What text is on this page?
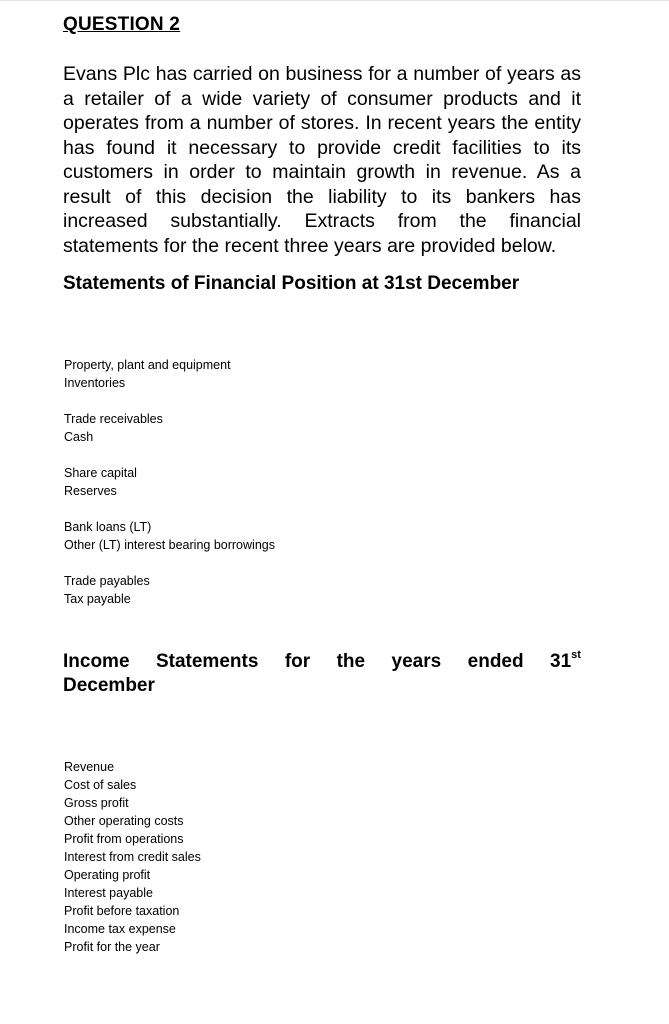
QUESTION 2
Evans Plc has carried on business for a number of years as a retailer of a wide variety of consumer products and it operates from a number of stores. In recent years the entity has found it necessary to provide credit facilities to its customers in order to maintain growth in revenue. As a result of this decision the liability to its bankers has increased substantially. Extracts from the financial statements for the recent three years are provided below.
Statements of Financial Position at 31st December
Property, plant and equipment
Inventories
Trade receivables
Cash
Share capital
Reserves
Bank loans (LT)
Other (LT) interest bearing borrowings
Trade payables
Tax payable
Income Statements for the years ended 31st
December
Revenue
Cost of sales
Gross profit
Other operating costs
Profit from operations
Interest from credit sales
Operating profit
Interest payable
Profit before taxation
Income tax expense
Profit for the year
